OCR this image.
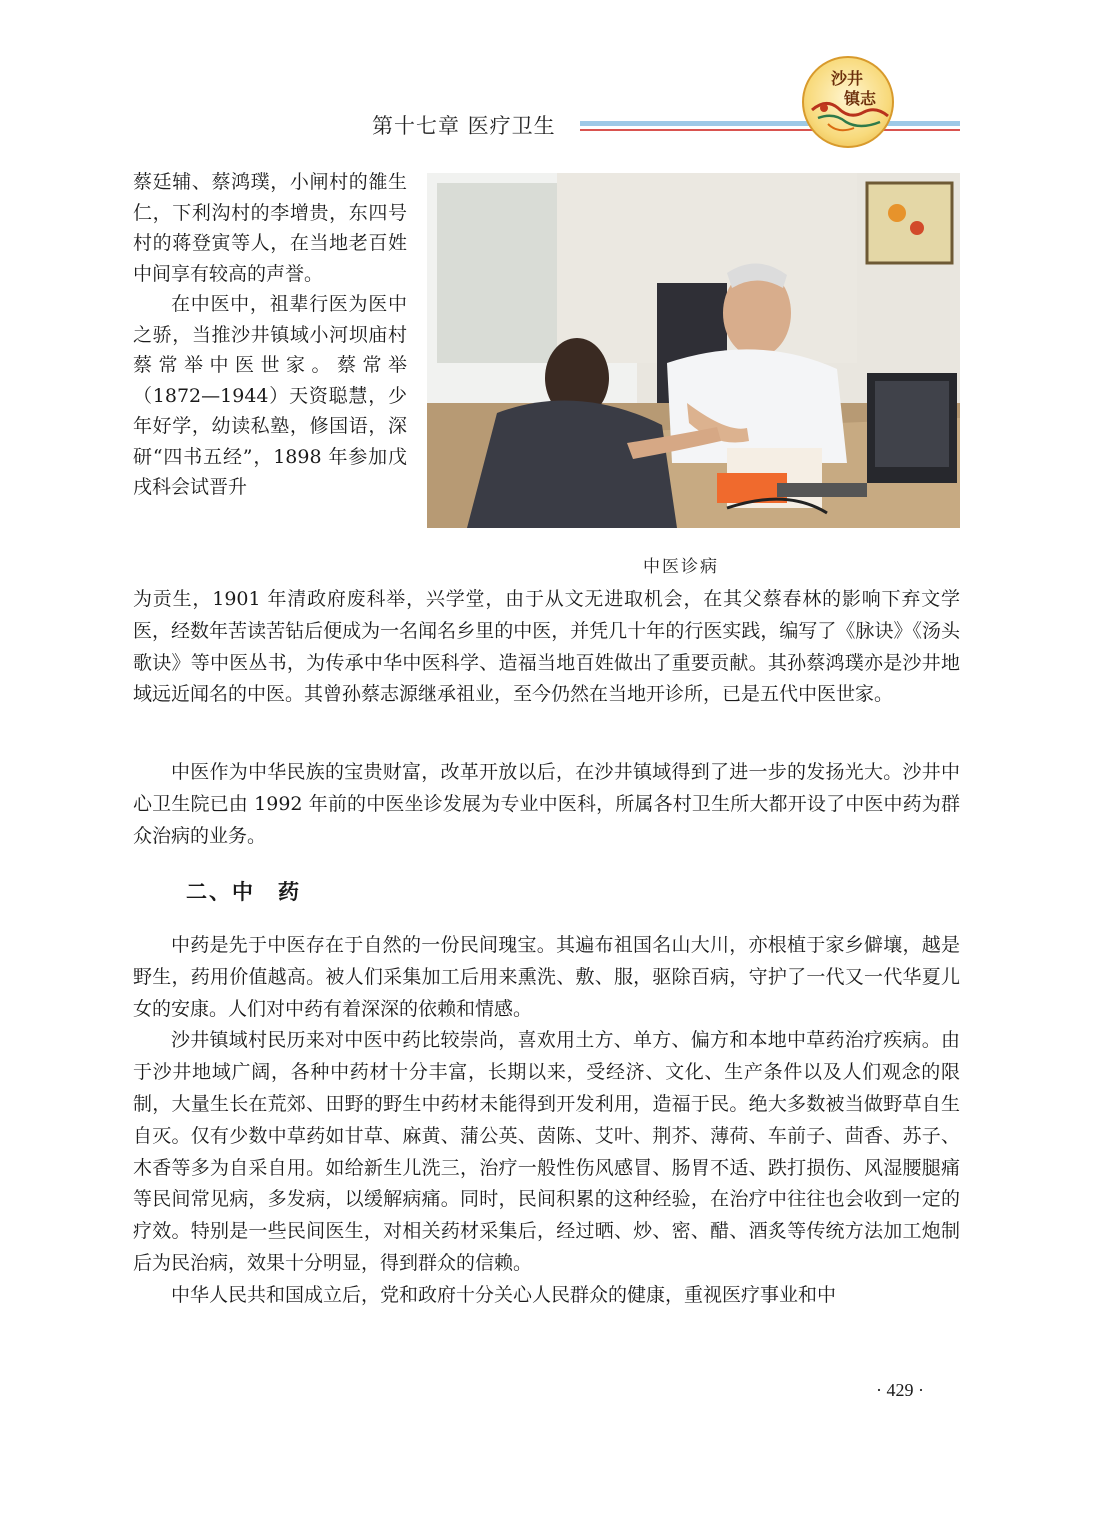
第十七章 医疗卫生
沙井
镇志

蔡廷辅、蔡鸿璞，小闸村的雒生仁，下利沟村的李增贵，东四号村的蒋登寅等人，在当地老百姓中间享有较高的声誉。

在中医中，祖辈行医为医中之骄，当推沙井镇域小河坝庙村蔡常举中医世家。蔡常举（1872—1944）天资聪慧，少年好学，幼读私塾，修国语，深研“四书五经”，1898 年参加戊戌科会试晋升

中医诊病

为贡生，1901 年清政府废科举，兴学堂，由于从文无进取机会，在其父蔡春林的影响下弃文学医，经数年苦读苦钻后便成为一名闻名乡里的中医，并凭几十年的行医实践，编写了《脉诀》《汤头歌诀》等中医丛书，为传承中华中医科学、造福当地百姓做出了重要贡献。其孙蔡鸿璞亦是沙井地域远近闻名的中医。其曾孙蔡志源继承祖业，至今仍然在当地开诊所，已是五代中医世家。

中医作为中华民族的宝贵财富，改革开放以后，在沙井镇域得到了进一步的发扬光大。沙井中心卫生院已由 1992 年前的中医坐诊发展为专业中医科，所属各村卫生所大都开设了中医中药为群众治病的业务。

二、中　药

中药是先于中医存在于自然的一份民间瑰宝。其遍布祖国名山大川，亦根植于家乡僻壤，越是野生，药用价值越高。被人们采集加工后用来熏洗、敷、服，驱除百病，守护了一代又一代华夏儿女的安康。人们对中药有着深深的依赖和情感。

沙井镇域村民历来对中医中药比较崇尚，喜欢用土方、单方、偏方和本地中草药治疗疾病。由于沙井地域广阔，各种中药材十分丰富，长期以来，受经济、文化、生产条件以及人们观念的限制，大量生长在荒郊、田野的野生中药材未能得到开发利用，造福于民。绝大多数被当做野草自生自灭。仅有少数中草药如甘草、麻黄、蒲公英、茵陈、艾叶、荆芥、薄荷、车前子、茴香、苏子、木香等多为自采自用。如给新生儿洗三，治疗一般性伤风感冒、肠胃不适、跌打损伤、风湿腰腿痛等民间常见病，多发病，以缓解病痛。同时，民间积累的这种经验，在治疗中往往也会收到一定的疗效。特别是一些民间医生，对相关药材采集后，经过晒、炒、密、醋、酒炙等传统方法加工炮制后为民治病，效果十分明显，得到群众的信赖。

中华人民共和国成立后，党和政府十分关心人民群众的健康，重视医疗事业和中

· 429 ·
